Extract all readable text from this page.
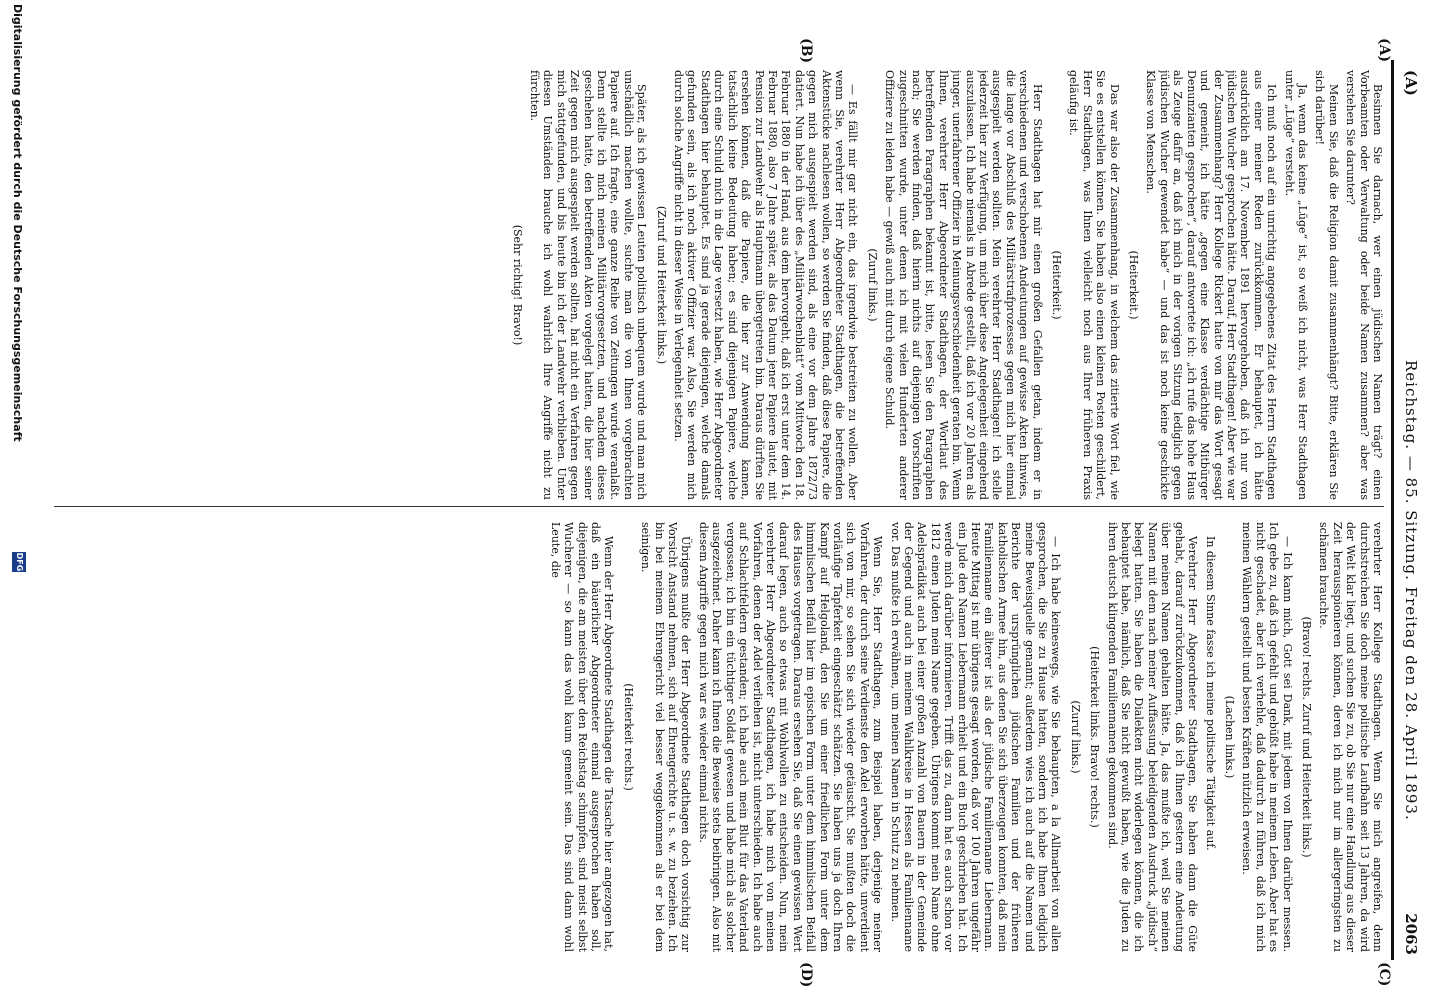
(A)
Reichstag. — 85. Sitzung. Freitag den 28. April 1893.
2063
(A)
(B)
(C)
(D)

Besinnen Sie darnach, wer einen jüdischen Namen trägt? einen Vorbeamten oder Verwaltung oder beide Namen zusammen? aber was verstehen Sie darunter?

Meinen Sie, daß die Religion damit zusammenhängt? Bitte, erklären Sie sich darüber!

Ja, wenn das keine „Lüge“ ist, so weiß ich nicht, was Herr Stadthagen unter „Lüge“ versteht.

Ich muß noch auf ein unrichtig angegebenes Zitat des Herrn Stadthagen aus einer meiner Reden zurückkommen. Er behauptet, ich hätte ausdrücklich am 17. November 1891 hervorgehoben, daß ich nur von jüdischen Wucher gesprochen hätte. Darauf, Herr Stadthagen! Aber wie war der Zusammenhang? Herr Kollege Rickert hatte von mir das Wort gesagt und gemeint, ich hätte „gegen eine Klasse verdächtige Mitbürger Denunzianten gesprochen“, darauf antwortete ich: „ich rufe das hohe Haus als Zeuge dafür an, daß ich mich in der vorigen Sitzung lediglich gegen jüdischen Wucher gewendet habe“ — und das ist noch keine geschickte Klasse von Menschen.

(Heiterkeit.)

Das war also der Zusammenhang, in welchem das zitierte Wort fiel, wie Sie es entstellen können. Sie haben also einen kleinen Posten geschildert, Herr Stadthagen, was Ihnen vielleicht noch aus Ihrer früheren Praxis geläufig ist.

(Heiterkeit.)

Herr Stadthagen hat mir einen großen Gefallen getan, indem er in verschiedenen und verschobenen Andeutungen auf gewisse Akten hinwies, die lange vor Abschluß des Militärstrafprozesses gegen mich hier einmal ausgespielt werden sollten. Mein verehrter Herr Stadthagen! ich stelle jederzeit hier zur Verfügung, um mich über diese Angelegenheit eingehend auszulassen. Ich habe niemals in Abrede gestellt, daß ich vor 20 Jahren als junger, unerfahrener Offizier in Meinungsverschiedenheit geraten bin. Wenn Ihnen, verehrter Herr Abgeordneter Stadthagen, der Wortlaut des betreffenden Paragraphen bekannt ist, bitte, lesen Sie den Paragraphen nach; Sie werden finden, daß hierin nichts auf diejenigen Vorschriften zugeschnitten wurde, unter denen ich mit vielen Hunderten anderer Offiziere zu leiden habe — gewiß auch mit durch eigene Schuld.

(Zuruf links.)

— Es fällt mir gar nicht ein, das irgendwie bestreiten zu wollen. Aber wenn Sie, verehrter Herr Abgeordneter Stadthagen, die betreffenden Aktenstücke nachlesen wollen, so werden Sie finden, daß diese Papiere, die gegen mich ausgespielt werden sind, als eine vor dem Jahre 1872/73 datiert. Nun habe ich über des „Militärwochenblatt“ vom Mittwoch den 18. Februar 1880 in der Hand, aus dem hervorgeht, daß ich erst unter dem 14. Februar 1880, also 7 Jahre später, als das Datum jener Papiere lautet, mit Pension zur Landwehr als Hauptmann übergetreten bin. Daraus dürften Sie ersehen können, daß die Papiere, die hier zur Anwendung kamen, tatsächlich keine Bedeutung haben; es sind diejenigen Papiere, welche durch eine Schuld mich in die Lage versetzt haben, wie Herr Abgeordneter Stadthagen hier behauptet. Es sind ja gerade diejenigen, welche damals gefunden sein, als ich noch aktiver Offizier war. Also, Sie werden mich durch solche Angriffe nicht in dieser Weise in Verlegenheit setzen.

(Zuruf und Heiterkeit links.)

Später, als ich gewissen Leuten politisch unbequem wurde und man mich unschädlich machen wollte, suchte man die von Ihnen vorgebrachten Papiere auf. Ich fragte, eine ganze Reihe von Zeitungen wurde veranlaßt. Denn stellte ich mich meinen Militärvorgesetzten, und nachdem dieses geschehen hatte, den betreffenden Akten vorgelegt hatten, die hier seiner Zeit gegen mich ausgespielt werden sollten, hat nicht ein Verfahren gegen mich stattgefunden, und bis heute bin ich der Landwehr verblieben. Unter diesen Umständen brauche ich wohl wahrlich Ihre Angriffe nicht zu fürchten.

(Sehr richtig! Bravo!)

verehrter Herr Kollege Stadthagen. Wenn Sie mich angreifen, denn durchstreichen Sie doch meine politische Laufbahn seit 13 Jahren, da wird der Welt klar liegt, und suchen Sie zu, ob Sie nur eine Handlung aus dieser Zeit herausspionieren können, deren ich mich nur im allergeringsten zu schämen brauchte.

(Bravo! rechts. Zuruf und Heiterkeit links.)

— Ich kann mich, Gott sei Dank, mit jedem von Ihnen darüber messen. Ich gebe zu, daß ich gefehlt und gebüßt habe in meinem Leben. Aber hat es nicht geschadet, aber ich verhehle, daß dadurch zu führen, daß ich mich meinen Wählern gestellt und besten Kräften nützlich erweisen.

(Lachen links.)

In diesem Sinne fasse ich meine politische Tätigkeit auf.

Verehrter Herr Abgeordneter Stadthagen, Sie haben dann die Güte gehabt, darauf zurückzukommen, daß ich Ihnen gestern eine Andeutung über meinen Namen gehalten hätte. Ja, das mußte ich, weil Sie meinen Namen mit dem nach meiner Auffassung beleidigenden Ausdruck „jüdisch“ belegt hatten. Sie haben die Dialekten nicht widerlegen können, die ich behauptet habe, nämlich, daß Sie nicht gewußt haben, wie die Juden zu ihren deutsch klingenden Familiennamen gekommen sind.

(Heiterkeit links. Bravo! rechts.)

(Zuruf links.)

— Ich habe keineswegs, wie Sie behaupten, a la Allmarbeit von allen gesprochen, die Sie zu Hause hatten, sondern ich habe Ihnen lediglich meine Beweisquelle genannt; außerdem wies ich auch auf die Namen und Berichte der ursprünglichen jüdischen Familien und der früheren katholischen Armee hin, aus denen Sie sich überzeugen konnten, daß mein Familienname ein älterer ist als der jüdische Familienname Liebermann. Heute Mittag ist mir übrigens gesagt worden, daß vor 100 Jahren ungefähr ein Jude den Namen Liebermann erhielt und ein Buch geschrieben hat. Ich werde mich darüber informieren. Trifft das zu, dann hat es auch schon vor 1812 einen Juden mein Name gegeben. Übrigens kommt mein Name ohne Adelsprädikat auch bei einer großen Anzahl von Bauern in der Gemeinde der Gegend und auch in meinem Wahlkreise in Hessen als Familienname vor. Das mußte ich erwähnen, um meinen Namen in Schutz zu nehmen.

Wenn Sie, Herr Stadthagen, zum Beispiel haben, derjenige meiner Vorfahren, der durch seine Verdienste den Adel erworben hätte, unverdient sich von mir, so sehen Sie sich wieder getäuscht. Sie mußten doch die vorläufige Tapferkeit eingeschätzt schätzen. Sie haben uns ja doch Ihren Kampf auf Helgoland, den Sie um einer friedlichen Form unter dem himmlischen Beifall hier im epischen Form unter dem himmlischen Beifall des Hauses vorgetragen. Daraus ersehen Sie, daß Sie einen gewissen Wert darauf legen, auch so etwas mit Wohlwollen zu entscheiden. Nun, mein verehrter Herr Abgeordneter Stadthagen, ich habe mich von meinen Vorfahren, denen der Adel verliehen ist, nicht unterschieden. Ich habe auch auf Schlachtfeldern gestanden; ich habe auch mein Blut für das Vaterland vergossen; ich bin ein tüchtiger Soldat gewesen und habe mich als solcher ausgezeichnet. Daher kann ich Ihnen die Beweise stets beibringen. Also mit diesem Angriffe gegen mich war es wieder einmal nichts.

Übrigens mußte der Herr Abgeordnete Stadthagen doch vorsichtig zur Vorsicht Anstand nehmen, sich auf Ehrengerichte u. s. w. zu beziehen. Ich bin bei meinem Ehrengericht viel besser weggekommen als er bei dem seinigen.

(Heiterkeit rechts.)

Wenn der Herr Abgeordnete Stadthagen die Tatsache hier angezogen hat, daß ein bäuerlicher Abgeordneter einmal ausgesprochen haben soll, diejenigen, die am meisten über den Reichstag schimpfen, sind meist selbst Wucherer — so kann das wohl kaum gemeint sein. Das sind dann wohl Leute, die

Digitalisierung gefördert durch die Deutsche Forschungsgemeinschaft
DFG
